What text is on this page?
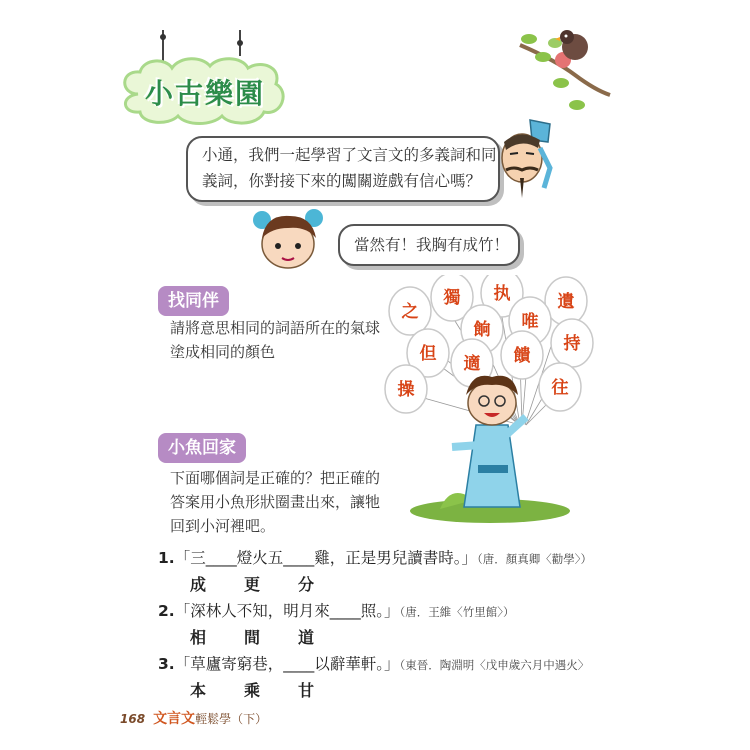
小古樂園
小通，我們一起學習了文言文的多義詞和同
義詞，你對接下來的闖關遊戲有信心嗎？
當然有！我胸有成竹！
找同伴
請將意思相同的詞語所在的氣球
塗成相同的顏色
之
獨 执	遺
唯
餉
持
但 適 饋
往
操
小魚回家
下面哪個詞是正確的？把正確的
答案用小魚形狀圈畫出來，讓牠
回到小河裡吧。
1.「三____燈火五____雞，正是男兒讀書時。」（唐．顏真卿〈勸學〉）
成 更 分
2.「深林人不知，明月來____照。」（唐．王維〈竹里館〉）
相 間 道
3.「草廬寄窮巷，____以辭華軒。」（東晉．陶淵明〈戊申歲六月中遇火〉
本 乘 甘
168 文言文輕鬆學（下）
